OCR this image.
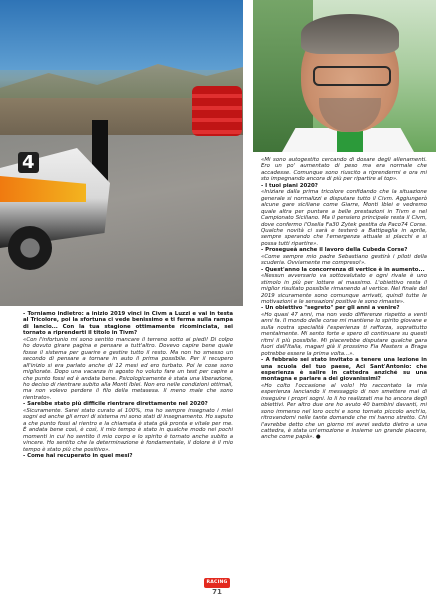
4

- Torniamo indietro: a inizio 2019 vinci in Civm a Luzzi e vai in testa al Tricolore, poi la sfortuna ci vede benissimo e ti ferma sulla rampa di lancio... Con la tua stagione ottimamente ricominciata, sei tornato a riprenderti il titolo in Tivm?

«Con l'infortunio mi sono sentito mancare il terreno sotto ai piedi! Di colpo ho dovuto girare pagina e pensare a tutt'altro. Dovevo capire bene quale fosse il sistema per guarire e gestire tutto il resto. Ma non ho smesso un secondo di pensare a tornare in auto il prima possibile. Per il recupero all'inizio si era parlato anche di 12 mesi ed ero turbato. Poi le cose sono migliorate. Dopo una vacanza in agosto ho voluto fare un test per capire a che punto fossi ed è andata bene. Psicologicamente è stata una liberazione, ho deciso di rientrare subito alla Monti Iblei. Non ero nelle condizioni ottimali, ma non volevo perdere il filo della metasesa. Il meno male che sono rientrato».

- Sarebbe stato più difficile rientrare direttamente nel 2020?

«Sicuramente. Sarei stato curato al 100%, ma ho sempre insegnato i miei sogni ed anche gli errori di sistema mi sono stati di insegnamento. Ho saputo a che punto fossi al rientro e la chiamata è stata già pronta e vitale per me. È andata bene così, è così, il mio tempo è stato in qualche modo nei pochi momenti in cui ho sentito il mio corpo e lo spirito è tornato anche subito a vincere. Ho sentito che la determinazione è fondamentale, il dolore è il mio tempo è stato più che positivo».

- Come hai recuperato in quei mesi?

«Mi sono autogestito cercando di dosare degli allenamenti. Ero un po' aumentato di peso ma era normale che accadesse. Comunque sono riuscito a riprendermi e ora mi sto impegnando ancora di più per ripartire al top».

- I tuoi piani 2020?

«Iniziare dalla prima tricolore confidando che la situazione generale si normalizzi e disputare tutto il Civm. Aggiungerò alcune gare siciliane come Giarre, Monti Iblei e vedremo quale altra per puntare a belle prestazioni in Tivm e nel Campionato Siciliano. Ma il pensiero principale resta il Civm, dove confermo l'Osella Fa30 Zytek gestita da Paco74 Corse. Qualche novità ci sarà e testerò a Battipaglia in aprile, sempre sperando che l'emergenza attuale si placchi e si possa tutti ripartire».

- Prosegueà anche il lavoro della Cubeda Corse?

«Come sempre mio padre Sebastiano gestirà i piloti della scuderia. Ovviamente me compreso!».

- Quest'anno la concorrenza di vertice è in aumento...

«Nessun avversario va sottovalutato e ogni rivale è uno stimolo in più per lottare al massimo. L'obiettivo resta il miglior risultato possibile rimanendo al vertice. Nel finale del 2019 sicuramente sono comunque arrivati, quindi tutte le motivazioni e le sensazioni positive le sono rimaste».

- Un obiettivo "segreto" per gli anni a venire?

«Ho quasi 47 anni, ma non vedo differenze rispetto a venti anni fa. Il mondo delle corse mi mantiene lo spirito giovane e sulla nostra specialità l'esperienza ti rafforza, soprattutto mentalmente. Mi sento forte e spero di continuare su questi ritmi il più possibile. Mi piacerebbe disputare qualche gara fuori dall'Italia, magari già il prossimo Fia Masters a Braga potrebbe essere la prima volta...».

- A febbraio sei stato invitato a tenere una lezione in una scuola del tuo paese, Aci Sant'Antonio: che esperienza è salire in cattedra anziché su una montagna e parlare a dei giovanissimi?

«Ho colto l'occasione al volo! Ho raccontato la mia esperienza lanciando il messaggio di non smettere mai di inseguire i propri sogni. Io li ho realizzati ma ho ancora degli obiettivi. Per altro due ore ho avuto 40 bambini davanti, mi sono immerso nel loro occhi e sono tornato piccolo anch'io, ritrovandomi nelle tante domande che mi hanno stretto. Chi l'avrebbe detto che un giorno mi avrei seduto dietro a una cattedra, è stata un'emozione e insieme un grande piacere, anche come papà». ●

RACING
71
